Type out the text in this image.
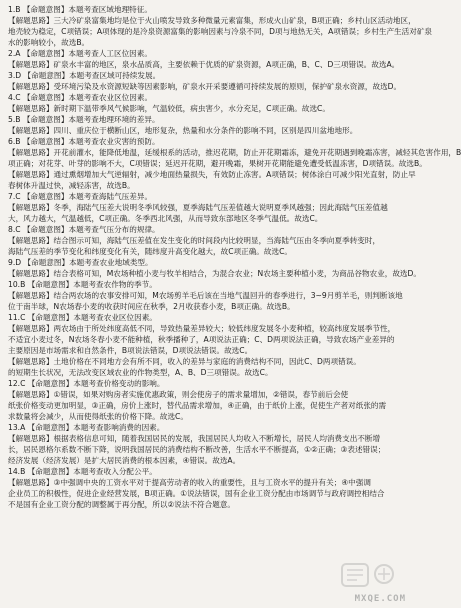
1.B 【命题意图】本题考查区域地理特征。
【解题思路】三大冷矿泉富集地均是位于火山喷发导致多种微量元素富集，形成火山矿泉，B项正确；乡村山区活动地区，
地壳较为稳定，C项错误；A项体现的是冷泉资源富集的影响因素与冷泉不同，D项与地热无关，A项错误；乡村生产生活对矿泉
水的影响较小，故选B。
2.A 【命题意图】本题考查人工区位因素。
【解题思路】矿泉水丰富的地区，泉水品质高，主要依赖于优质的矿泉资源，A项正确，B、C、D三项错误。故选A。
3.D 【命题意图】本题考查区域可持续发展。
【解题思路】受环境污染及水资源短缺等因素影响，矿泉水开采要遵循可持续发展的原则，保护矿泉水资源，故选D。
4.C 【命题意图】本题考查农业区位因素。
【解题思路】新时期下温带季风气候影响，气温较低，病虫害少，水分充足，C项正确。故选C。
5.B 【命题意图】本题考查地理环境的差异。
【解题思路】四川、重庆位于横断山区，地形复杂，热量和水分条件的影响不同，区别是四川盆地地形。
6.B 【命题意图】本题考查农业灾害的预防。
【解题思路】开花前灌水，能降低地温，延缓根系的活动，推迟花期，防止开花期霜冻，避免开花期遇到晚霜冻害，减轻其危害作用，B
项正确；对花芽、叶芽的影响不大，C项错误；延迟开花期，避开晚霜，果树开花期能避免遭受低温冻害，D项错误。故选B。
【解题思路】通过熏烟增加大气逆辐射，减少地面热量损失，有效防止冻害。A项错误；树体涂白可减少阳光直射，防止早
春树体升温过快，减轻冻害，故选B。
7.C 【命题意图】本题考查海陆气压差异。
【解题思路】冬季，海陆气压差大说明冬季风较强，夏季海陆气压差值越大说明夏季风越强；因此海陆气压差值越
大，风力越大，气温越低，C项正确。冬季西北风强，从而导致东部地区冬季气温低。故选C。
8.C 【命题意图】本题考查气压分布的规律。
【解题思路】结合图示可知，海陆气压差值在发生变化的时间段内比较明显，当海陆气压由冬季向夏季转变时，
海陆气压差的季节变化和纬度变化有关，随纬度升高变化越大，故C项正确。故选C。
9.D 【命题意图】本题考查农业地域类型。
【解题思路】结合表格可知，M农场种植小麦与牧羊相结合，为混合农业；N农场主要种植小麦，为商品谷物农业，故选D。
10.B 【命题意图】本题考查农作物的季节。
【解题思路】结合两农场的农事安排可知，M农场剪羊毛后该在当地气温回升的春季进行，3~9月剪羊毛，则判断该地
位于南半球，N农场春小麦的收获时间应在秋季，2月收获春小麦，B项正确。故选B。
11.C 【命题意图】本题考查农业区位因素。
【解题思路】两农场由于所处纬度高低不同，导致热量差异较大；较低纬度发展冬小麦种植，较高纬度发展季节性，
不适宜小麦过冬，N农场冬春小麦不能种植，秋季播种了，A项说法正确；C、D两项说法正确，导致农场产业差异的
主要原因是市场需求和自然条件，B项说法错误，D项说法错误。故选C。
【解题思路】土地价格在不同地方会有所不同，收入的差异与家庭的消费结构不同，因此C、D两项错误。
的短期生长状况，无法改变区域农业的作物类型，A、B、D三项错误。故选C。
12.C 【命题意图】本题考查价格变动的影响。
【解题思路】①错误，如果对购房者实施优惠政策，则会使房子的需求量增加，②错误，春节前后会使
纸张价格变动更加明显，③正确，房价上涨时，替代品需求增加，④正确，由于纸价上涨，促使生产者对纸张的需
求数量将会减少，从而使得纸张的价格下降。故选C。
13.A 【命题意图】本题考查影响消费的因素。
【解题思路】根据表格信息可知，随着我国居民的发展，我国居民人均收入不断增长，居民人均消费支出不断增
长，居民恩格尔系数不断下降，说明我国居民的消费结构不断改善，生活水平不断提高，①②正确；③表述错误；
经济发展（经济发展）是扩大居民消费的根本因素，④错误。故选A。
14.B 【命题意图】本题考查收入分配公平。
【解题思路】③中强调中央的工资水平对于提高劳动者的收入的重要性，且与工资水平的提升有关；④中强调
企业员工的积极性，促进企业经营发展，B项正确。①说法错误，国有企业工资分配由市场调节与政府调控相结合
不是国有企业工资分配的调整属于再分配，所以②说法不符合题意。
MXQE.COM
